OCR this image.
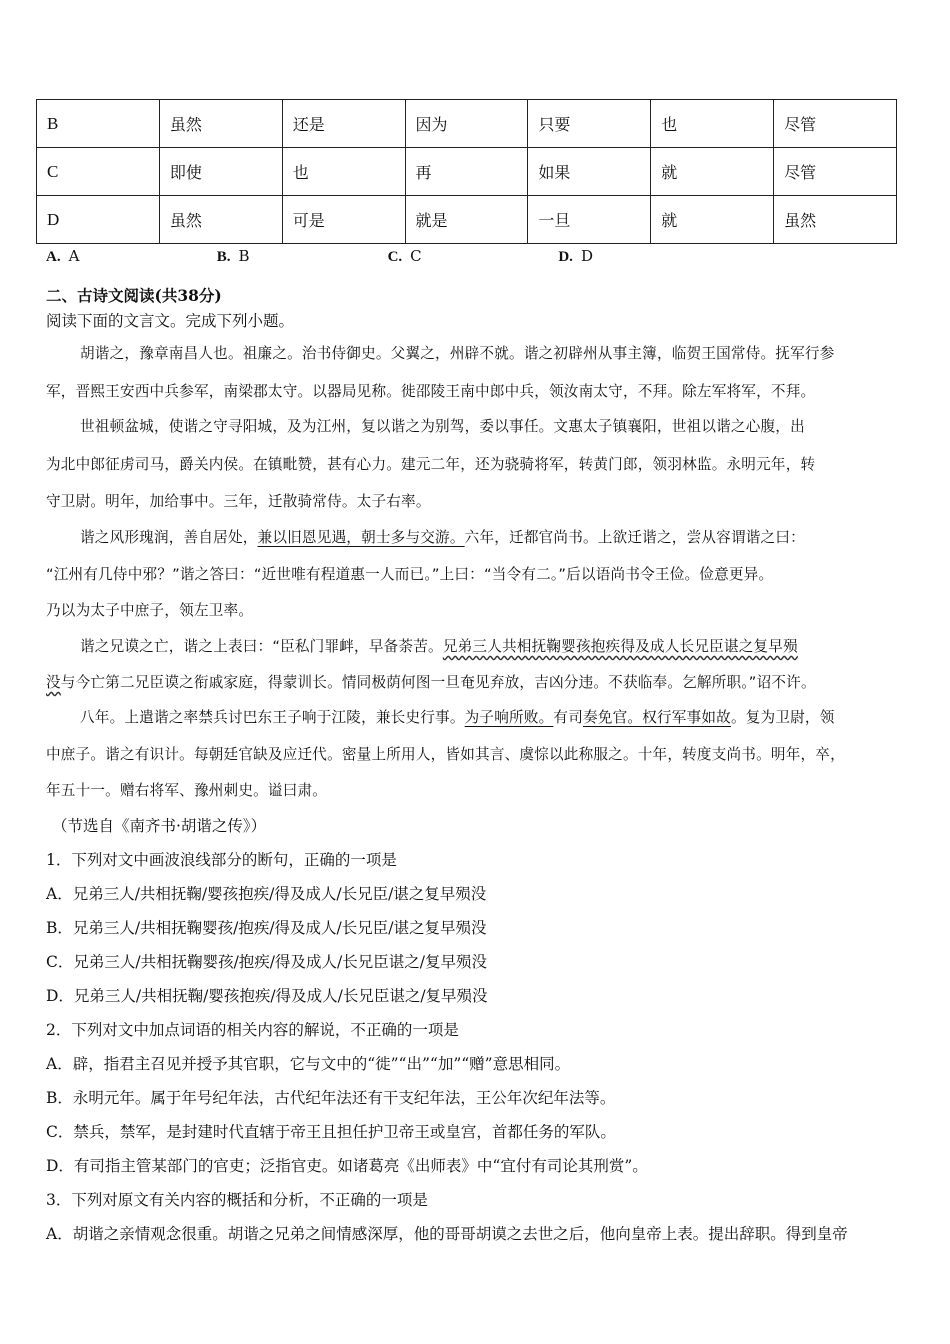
B	虽然	还是	因为	只要	也	尽管
C	即使	也	再	如果	就	尽管
D	虽然	可是	就是	一旦	就	虽然
A. A	B. B	C. C	D. D
二、古诗文阅读(共38分)
阅读下面的文言文。完成下列小题。
胡谐之，豫章南昌人也。祖廉之。治书侍御史。父翼之，州辟不就。谐之初辟州从事主簿，临贺王国常侍。抚军行参
军，晋熙王安西中兵参军，南梁郡太守。以器局见称。徙邵陵王南中郎中兵，领汝南太守，不拜。除左军将军，不拜。
世祖顿盆城，使谐之守寻阳城，及为江州，复以谐之为别驾，委以事任。文惠太子镇襄阳，世祖以谐之心腹，出
为北中郎征虏司马，爵关内侯。在镇毗赞，甚有心力。建元二年，还为骁骑将军，转黄门郎，领羽林监。永明元年，转
守卫尉。明年，加给事中。三年，迁散骑常侍。太子右率。
谐之风形瑰润，善自居处，兼以旧恩见遇，朝士多与交游。六年，迁都官尚书。上欲迁谐之，尝从容谓谐之曰：
“江州有几侍中邪？”谐之答曰：“近世唯有程道惠一人而已。”上曰：“当令有二。”后以语尚书令王俭。俭意更异。
乃以为太子中庶子，领左卫率。
谐之兄谟之亡，谐之上表曰：“臣私门罪衅，早备荼苦。兄弟三人共相抚鞠婴孩抱疾得及成人长兄臣谌之复早殒
没与今亡第二兄臣谟之衔戚家庭，得蒙训长。情同极荫何图一旦奄见弃放，吉凶分违。不获临奉。乞解所职。”诏不许。
八年。上遣谐之率禁兵讨巴东王子响于江陵，兼长史行事。为子响所败。有司奏免官。权行军事如故。复为卫尉，领
中庶子。谐之有识计。每朝廷官缺及应迁代。密量上所用人，皆如其言、虞悰以此称服之。十年，转度支尚书。明年，卒，
年五十一。赠右将军、豫州刺史。谥曰肃。
（节选自《南齐书·胡谐之传》）
1．下列对文中画波浪线部分的断句，正确的一项是
A．兄弟三人/共相抚鞠/婴孩抱疾/得及成人/长兄臣/谌之复早殒没
B．兄弟三人/共相抚鞠婴孩/抱疾/得及成人/长兄臣/谌之复早殒没
C．兄弟三人/共相抚鞠婴孩/抱疾/得及成人/长兄臣谌之/复早殒没
D．兄弟三人/共相抚鞠/婴孩抱疾/得及成人/长兄臣谌之/复早殒没
2．下列对文中加点词语的相关内容的解说，不正确的一项是
A．辟，指君主召见并授予其官职，它与文中的“徙”“出”“加”“赠”意思相同。
B．永明元年。属于年号纪年法，古代纪年法还有干支纪年法，王公年次纪年法等。
C．禁兵，禁军，是封建时代直辖于帝王且担任护卫帝王或皇宫，首都任务的军队。
D．有司指主管某部门的官吏；泛指官吏。如诸葛亮《出师表》中“宜付有司论其刑赏”。
3．下列对原文有关内容的概括和分析，不正确的一项是
A．胡谐之亲情观念很重。胡谐之兄弟之间情感深厚，他的哥哥胡谟之去世之后，他向皇帝上表。提出辞职。得到皇帝
